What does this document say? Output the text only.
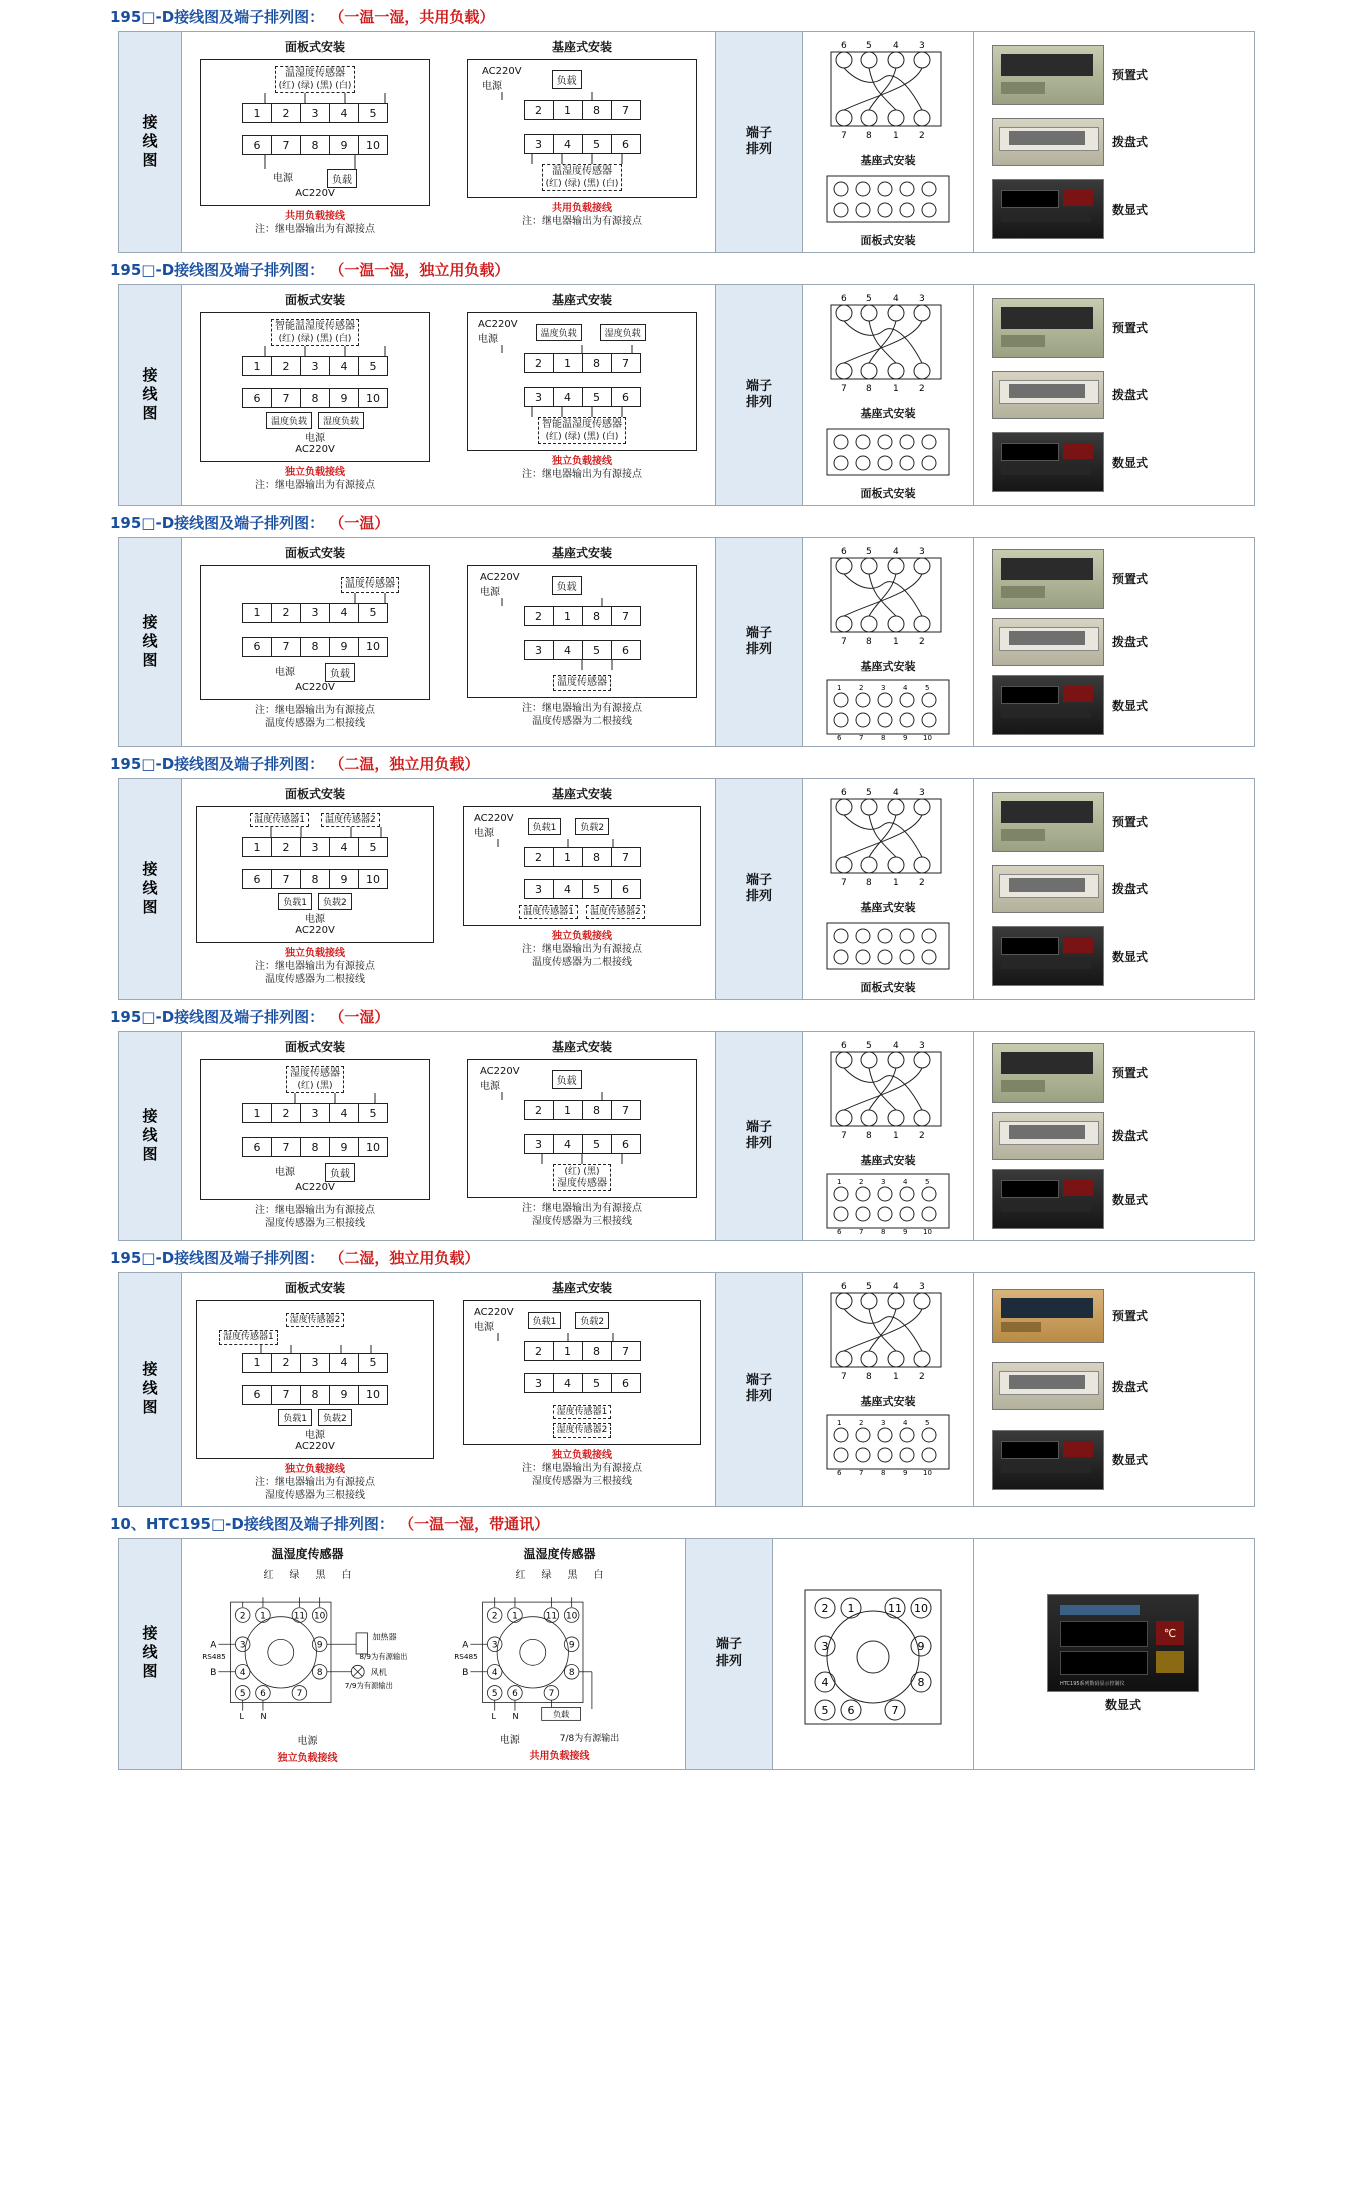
195□-D接线图及端子排列图： （一温一湿，共用负载）
接线图
面板式安装
温湿度传感器
(红) (绿) (黑) (白)
1	2	3	4	5
6	7	8	9	10
电源	负载
AC220V
共用负载接线
注：继电器输出为有源接点
基座式安装
AC220V
电源	负载
2	1	8	7
3	4	5	6
温湿度传感器
(红) (绿) (黑) (白)
共用负载接线
注：继电器输出为有源接点
端子
排列
6 5 4 3
7 8 1 2
基座式安装
面板式安装
预置式
拨盘式
数显式
195□-D接线图及端子排列图： （一温一湿，独立用负载）
接线图
面板式安装
智能温湿度传感器
(红) (绿) (黑) (白)
1	2	3	4	5
6	7	8	9	10
温度负载	湿度负载
电源
AC220V
独立负载接线
注：继电器输出为有源接点
基座式安装
AC220V
电源
温度负载	湿度负载
2	1	8	7
3	4	5	6
智能温湿度传感器
(红) (绿) (黑) (白)
独立负载接线
注：继电器输出为有源接点
端子
排列
6 5 4 3
7 8 1 2
基座式安装
面板式安装
预置式
拨盘式
数显式
195□-D接线图及端子排列图： （一温）
接线图
面板式安装
温度传感器
1	2	3	4	5
6	7	8	9	10
电源	负载
AC220V
注：继电器输出为有源接点
温度传感器为二根接线
基座式安装
AC220V
电源	负载
2	1	8	7
3	4	5	6
温度传感器
注：继电器输出为有源接点
温度传感器为二根接线
端子
排列
6 5 4 3
7 8 1 2
基座式安装
1	2	3	4	5
6	7	8	9 10
预置式
拨盘式
数显式
195□-D接线图及端子排列图： （二温，独立用负载）
接线图
面板式安装
温度传感器1	温度传感器2
1	2	3	4	5
6	7	8	9	10
负载1	负载2
电源
AC220V
独立负载接线
注：继电器输出为有源接点
温度传感器为二根接线
基座式安装
AC220V
电源
负载1	负载2
2	1	8	7
3	4	5	6
温度传感器1	温度传感器2
独立负载接线
注：继电器输出为有源接点
温度传感器为二根接线
端子
排列
6 5 4 3
7 8 1 2
基座式安装
面板式安装
预置式
拨盘式
数显式
195□-D接线图及端子排列图： （一湿）
接线图
面板式安装
湿度传感器
(红) (黑)
1	2	3	4	5
6	7	8	9	10
电源	负载
AC220V
注：继电器输出为有源接点
湿度传感器为三根接线
基座式安装
AC220V
电源	负载
2	1	8	7
3	4	5	6
(红) (黑)
湿度传感器
注：继电器输出为有源接点
湿度传感器为三根接线
端子
排列
6 5 4 3
7 8 1 2
基座式安装
1	2	3	4	5
6	7	8	9 10
预置式
拨盘式
数显式
195□-D接线图及端子排列图： （二湿，独立用负载）
接线图
面板式安装
湿度传感器2
湿度传感器1
1	2	3	4	5
6	7	8	9	10
负载1	负载2
电源
AC220V
独立负载接线
注：继电器输出为有源接点
湿度传感器为三根接线
基座式安装
AC220V
电源
负载1	负载2
2	1	8	7
3	4	5	6
湿度传感器1
湿度传感器2
独立负载接线
注：继电器输出为有源接点
湿度传感器为三根接线
端子
排列
6 5 4 3
7 8 1 2
基座式安装
1	2	3	4	5
6	7	8	9 10
预置式
拨盘式
数显式
10、HTC195□-D接线图及端子排列图： （一温一湿，带通讯）
接线图
温湿度传感器
红 绿 黑 白
2 1	11 10
3	9
4	8
5 6	7
A
RS485
B
加热器
8/9为有源输出
风机
7/9为有源输出
L N
电源
独立负载接线
温湿度传感器
红 绿 黑 白
2 1	11 10
3	9
4	8
5 6	7
A
RS485
B
负载
L N
电源	7/8为有源输出
共用负载接线
端子
排列
2 1	11 10
3	9
4	8
5 6	7
℃
HTC195系列数码显示控制仪
数显式
